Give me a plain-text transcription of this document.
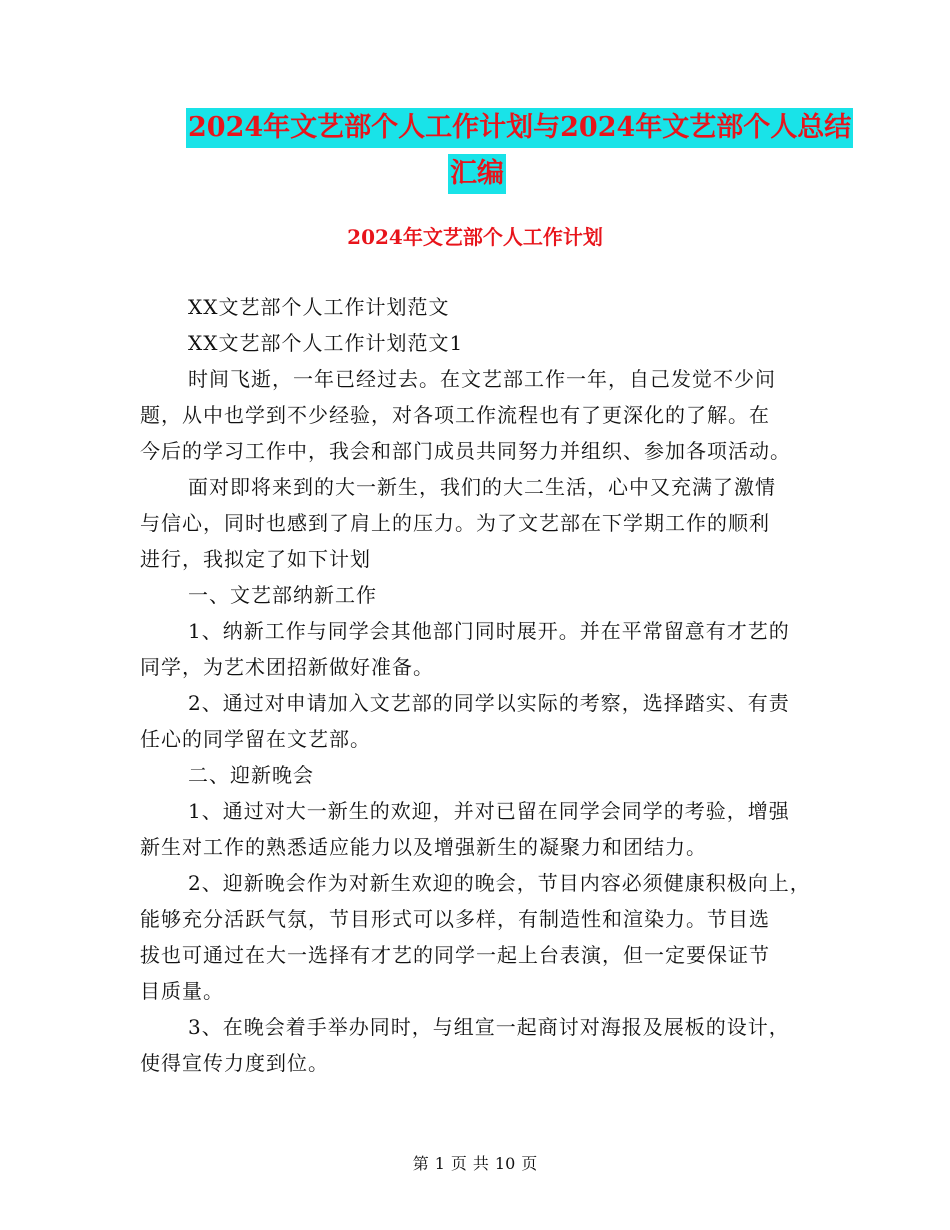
2024年文艺部个人工作计划与2024年文艺部个人总结
汇编
2024年文艺部个人工作计划
XX文艺部个人工作计划范文
XX文艺部个人工作计划范文1
时间飞逝，一年已经过去。在文艺部工作一年，自己发觉不少问
题，从中也学到不少经验，对各项工作流程也有了更深化的了解。在
今后的学习工作中，我会和部门成员共同努力并组织、参加各项活动。
面对即将来到的大一新生，我们的大二生活，心中又充满了激情
与信心，同时也感到了肩上的压力。为了文艺部在下学期工作的顺利
进行，我拟定了如下计划
一、文艺部纳新工作
1、纳新工作与同学会其他部门同时展开。并在平常留意有才艺的
同学，为艺术团招新做好准备。
2、通过对申请加入文艺部的同学以实际的考察，选择踏实、有责
任心的同学留在文艺部。
二、迎新晚会
1、通过对大一新生的欢迎，并对已留在同学会同学的考验，增强
新生对工作的熟悉适应能力以及增强新生的凝聚力和团结力。
2、迎新晚会作为对新生欢迎的晚会，节目内容必须健康积极向上，
能够充分活跃气氛，节目形式可以多样，有制造性和渲染力。节目选
拔也可通过在大一选择有才艺的同学一起上台表演，但一定要保证节
目质量。
3、在晚会着手举办同时，与组宣一起商讨对海报及展板的设计，
使得宣传力度到位。
第 1 页 共 10 页
